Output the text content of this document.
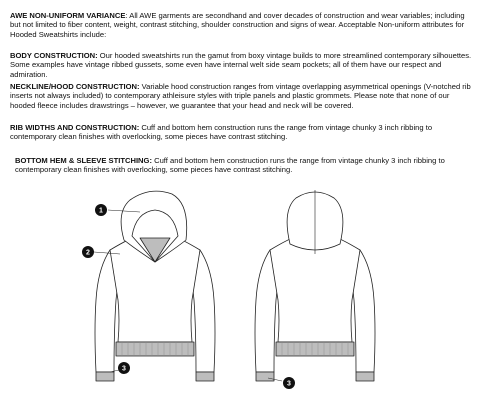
AWE NON-UNIFORM VARIANCE: All AWE garments are secondhand and cover decades of construction and wear variables; including but not limited to fiber content, weight, contrast stitching, shoulder construction and signs of wear. Acceptable Non-uniform attributes for Hooded Sweatshirts include:
BODY CONSTRUCTION: Our hooded sweatshirts run the gamut from boxy vintage builds to more streamlined contemporary silhouettes. Some examples have vintage ribbed gussets, some even have internal welt side seam pockets; all of them have our respect and admiration.
NECKLINE/HOOD CONSTRUCTION: Variable hood construction ranges from vintage overlapping asymmetrical openings (V-notched rib inserts not always included) to contemporary athleisure styles with triple panels and plastic grommets. Please note that none of our hooded fleece includes drawstrings – however, we guarantee that your head and neck will be covered.
RIB WIDTHS AND CONSTRUCTION: Cuff and bottom hem construction runs the range from vintage chunky 3 inch ribbing to contemporary clean finishes with overlocking, some pieces have contrast stitching.
BOTTOM HEM & SLEEVE STITCHING: Cuff and bottom hem construction runs the range from vintage chunky 3 inch ribbing to contemporary clean finishes with overlocking, some pieces have contrast stitching.
1
2
3
3
